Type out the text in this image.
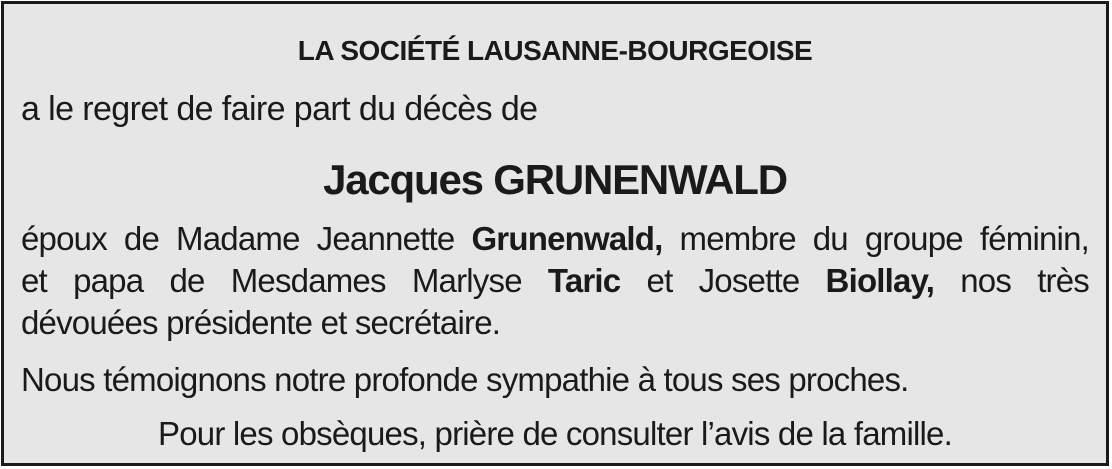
LA SOCIÉTÉ LAUSANNE-BOURGEOISE

a le regret de faire part du décès de

Jacques GRUNENWALD

époux de Madame Jeannette Grunenwald, membre du groupe féminin,
et papa de Mesdames Marlyse Taric et Josette Biollay, nos très
dévouées présidente et secrétaire.

Nous témoignons notre profonde sympathie à tous ses proches.

Pour les obsèques, prière de consulter l’avis de la famille.
